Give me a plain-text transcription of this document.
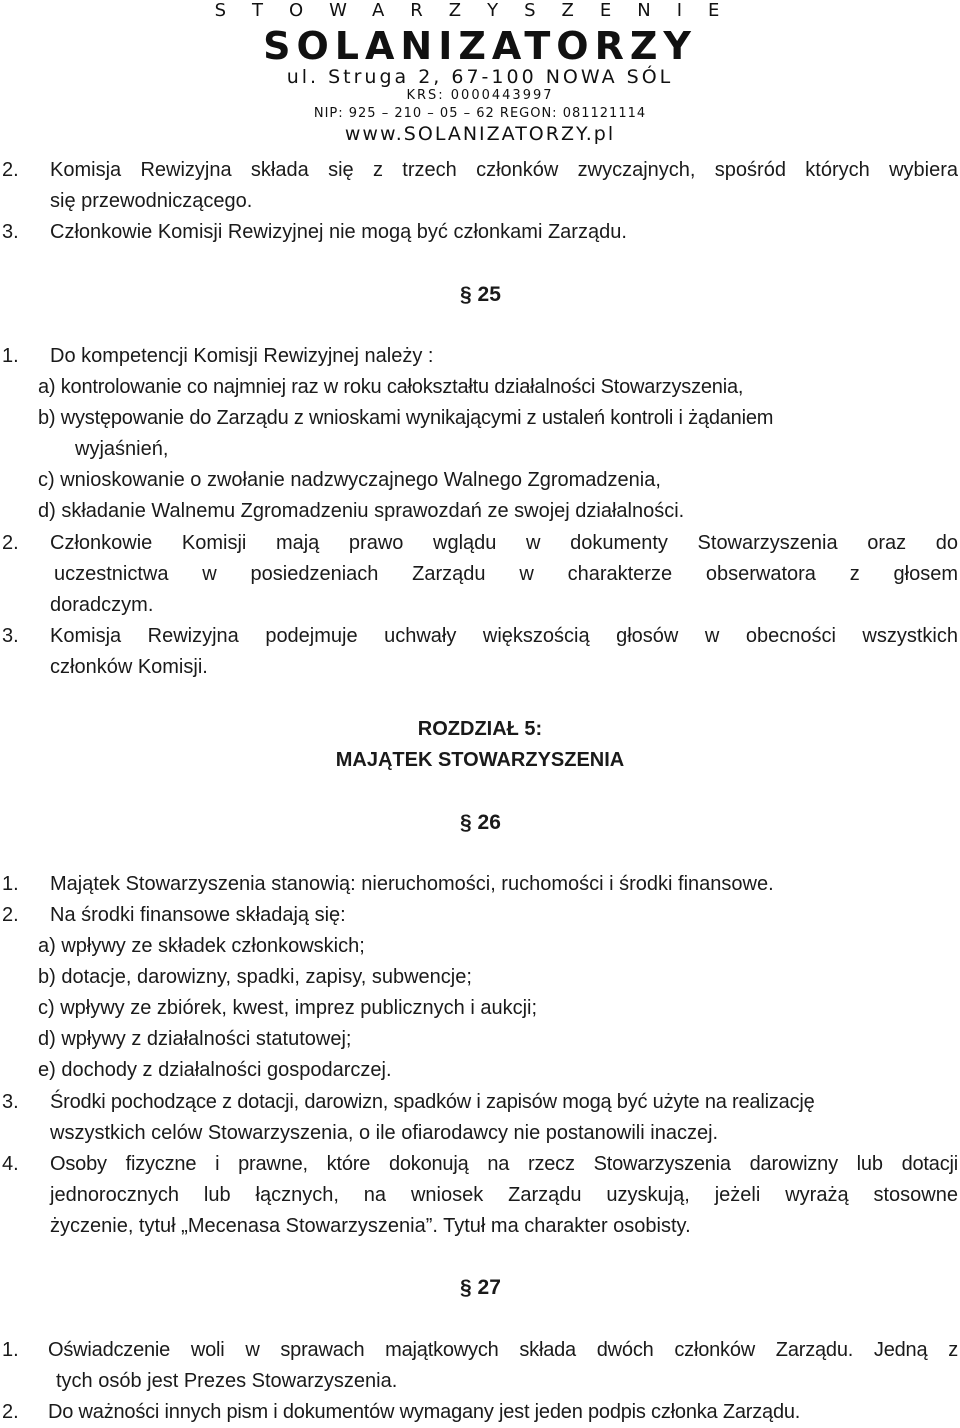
STOWARZYSZENIE
SOLANIZATORZY
ul. Struga 2, 67-100 NOWA SÓL
KRS: 0000443997
NIP: 925 – 210 – 05 – 62 REGON: 081121114
www.SOLANIZATORZY.pl
2. Komisja Rewizyjna składa się z trzech członków zwyczajnych, spośród których wybiera

się przewodniczącego.

3. Członkowie Komisji Rewizyjnej nie mogą być członkami Zarządu.

§ 25
1. Do kompetencji Komisji Rewizyjnej należy :

a) kontrolowanie co najmniej raz w roku całokształtu działalności Stowarzyszenia,

b) występowanie do Zarządu z wnioskami wynikającymi z ustaleń kontroli i żądaniem

wyjaśnień,

c) wnioskowanie o zwołanie nadzwyczajnego Walnego Zgromadzenia,

d) składanie Walnemu Zgromadzeniu sprawozdań ze swojej działalności.

2. Członkowie Komisji mają prawo wglądu w dokumenty Stowarzyszenia oraz do

uczestnictwa w posiedzeniach Zarządu w charakterze obserwatora z głosem

doradczym.

3. Komisja Rewizyjna podejmuje uchwały większością głosów w obecności wszystkich

członków Komisji.

ROZDZIAŁ 5:
MAJĄTEK STOWARZYSZENIA
§ 26
1. Majątek Stowarzyszenia stanowią: nieruchomości, ruchomości i środki finansowe.

2. Na środki finansowe składają się:

a) wpływy ze składek członkowskich;

b) dotacje, darowizny, spadki, zapisy, subwencje;

c) wpływy ze zbiórek, kwest, imprez publicznych i aukcji;

d) wpływy z działalności statutowej;

e) dochody z działalności gospodarczej.

3. Środki pochodzące z dotacji, darowizn, spadków i zapisów mogą być użyte na realizację

wszystkich celów Stowarzyszenia, o ile ofiarodawcy nie postanowili inaczej.

4. Osoby fizyczne i prawne, które dokonują na rzecz Stowarzyszenia darowizny lub dotacji

jednorocznych lub łącznych, na wniosek Zarządu uzyskują, jeżeli wyrażą stosowne

życzenie, tytuł „Mecenasa Stowarzyszenia”. Tytuł ma charakter osobisty.

§ 27
1. Oświadczenie woli w sprawach majątkowych składa dwóch członków Zarządu. Jedną z

tych osób jest Prezes Stowarzyszenia.

2. Do ważności innych pism i dokumentów wymagany jest jeden podpis członka Zarządu.
